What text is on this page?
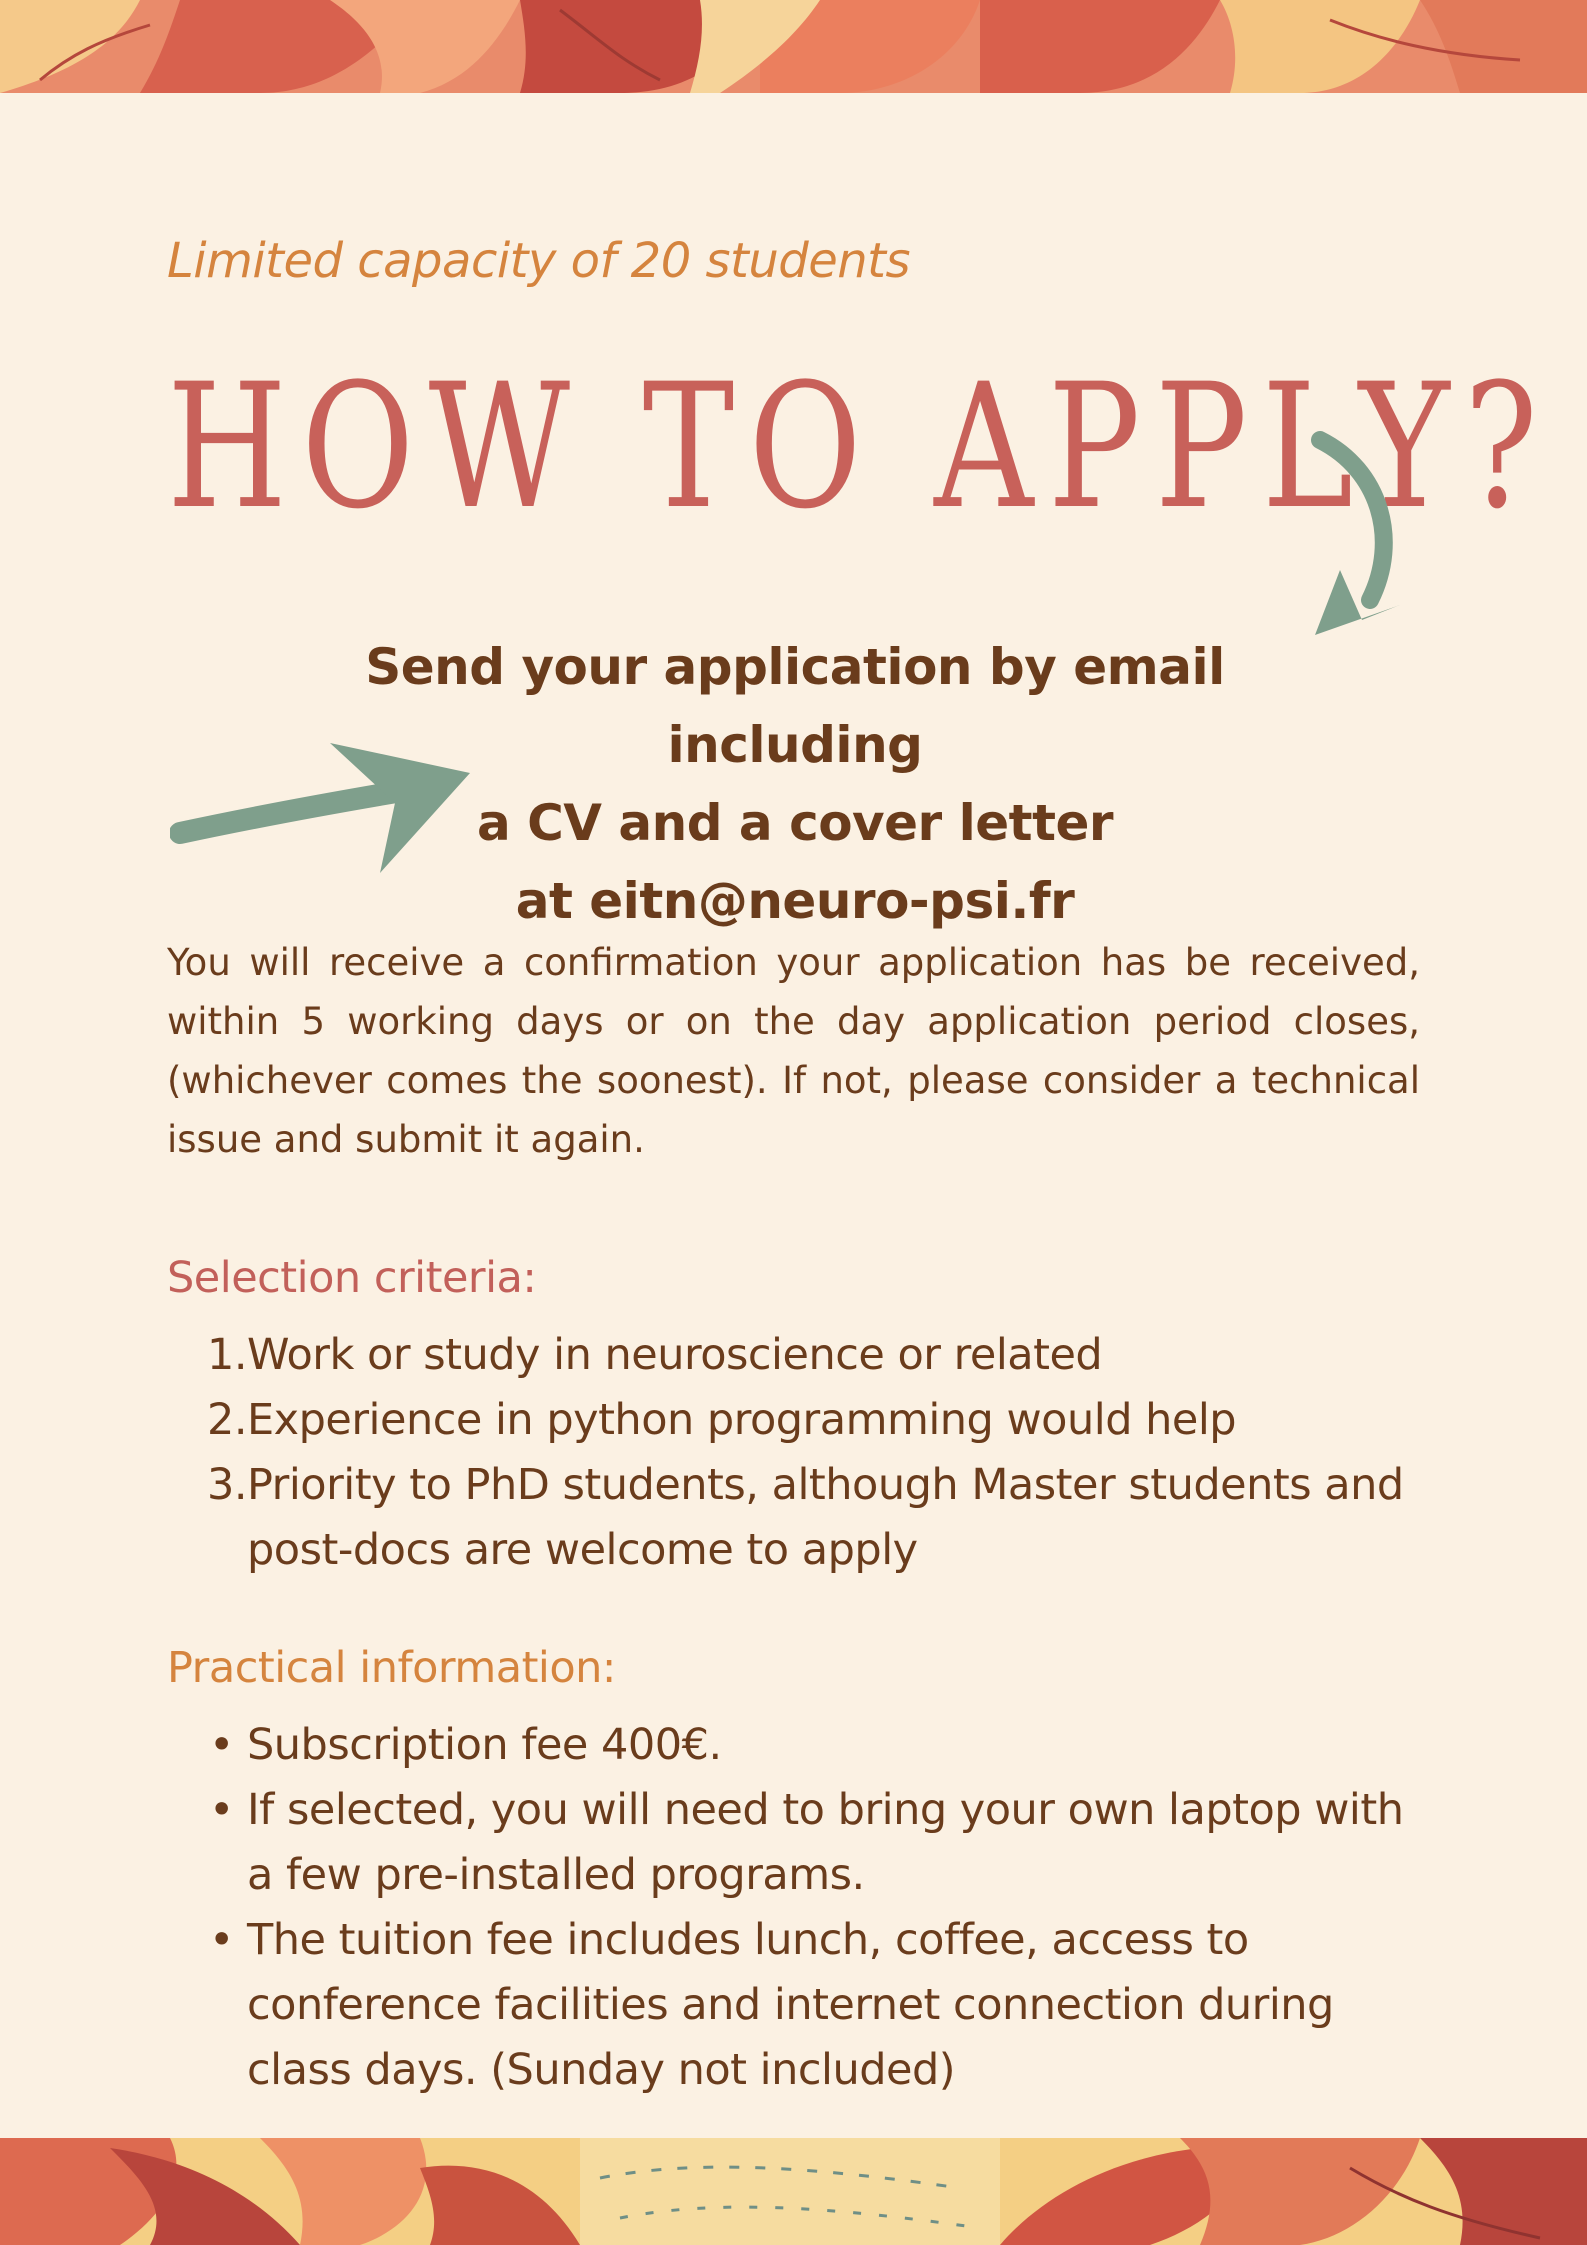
Limited capacity of 20 students
HOW TO APPLY?
Send your application by email including
a CV and a cover letter
at eitn@neuro-psi.fr
You will receive a confirmation your application has be received, within 5 working days or on the day application period closes, (whichever comes the soonest). If not, please consider a technical issue and submit it again.
Selection criteria:
1. Work or study in neuroscience or related
2. Experience in python programming would help
3. Priority to PhD students, although Master students and post-docs are welcome to apply
Practical information:
• Subscription fee 400€.
• If selected, you will need to bring your own laptop with a few pre-installed programs.
• The tuition fee includes lunch, coffee, access to conference facilities and internet connection during class days. (Sunday not included)
